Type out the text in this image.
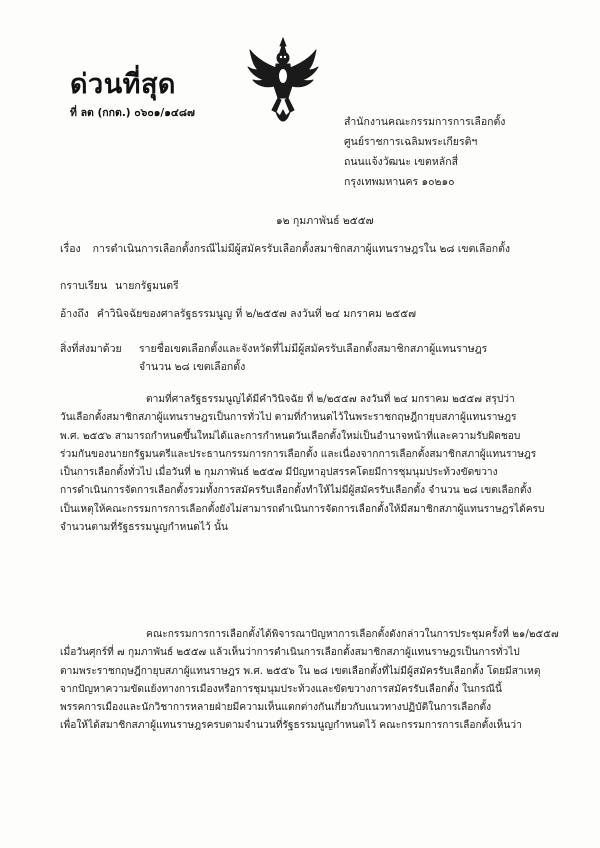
ด่วนที่สุด
ที่ ลต (กกต.) ๐๖๐๑/๑๔๘๗
สำนักงานคณะกรรมการการเลือกตั้ง
ศูนย์ราชการเฉลิมพระเกียรติฯ
ถนนแจ้งวัฒนะ เขตหลักสี่
กรุงเทพมหานคร ๑๐๒๑๐
๑๒ กุมภาพันธ์ ๒๕๕๗
เรื่อง การดำเนินการเลือกตั้งกรณีไม่มีผู้สมัครรับเลือกตั้งสมาชิกสภาผู้แทนราษฎรใน ๒๘ เขตเลือกตั้ง
กราบเรียน นายกรัฐมนตรี
อ้างถึง คำวินิจฉัยของศาลรัฐธรรมนูญ ที่ ๒/๒๕๕๗ ลงวันที่ ๒๔ มกราคม ๒๕๕๗
สิ่งที่ส่งมาด้วย รายชื่อเขตเลือกตั้งและจังหวัดที่ไม่มีผู้สมัครรับเลือกตั้งสมาชิกสภาผู้แทนราษฎร
จำนวน ๒๘ เขตเลือกตั้ง
ตามที่ศาลรัฐธรรมนูญได้มีคำวินิจฉัย ที่ ๒/๒๕๕๗ ลงวันที่ ๒๔ มกราคม ๒๕๕๗ สรุปว่า
วันเลือกตั้งสมาชิกสภาผู้แทนราษฎรเป็นการทั่วไป ตามที่กำหนดไว้ในพระราชกฤษฎีกายุบสภาผู้แทนราษฎร
พ.ศ. ๒๕๕๖ สามารถกำหนดขึ้นใหม่ได้และการกำหนดวันเลือกตั้งใหม่เป็นอำนาจหน้าที่และความรับผิดชอบ
ร่วมกันของนายกรัฐมนตรีและประธานกรรมการการเลือกตั้ง และเนื่องจากการเลือกตั้งสมาชิกสภาผู้แทนราษฎร
เป็นการเลือกตั้งทั่วไป เมื่อวันที่ ๒ กุมภาพันธ์ ๒๕๕๗ มีปัญหาอุปสรรคโดยมีการชุมนุมประท้วงขัดขวาง
การดำเนินการจัดการเลือกตั้งรวมทั้งการสมัครรับเลือกตั้งทำให้ไม่มีผู้สมัครรับเลือกตั้ง จำนวน ๒๘ เขตเลือกตั้ง
เป็นเหตุให้คณะกรรมการการเลือกตั้งยังไม่สามารถดำเนินการจัดการเลือกตั้งให้มีสมาชิกสภาผู้แทนราษฎรได้ครบ
จำนวนตามที่รัฐธรรมนูญกำหนดไว้ นั้น
คณะกรรมการการเลือกตั้งได้พิจารณาปัญหาการเลือกตั้งดังกล่าวในการประชุมครั้งที่ ๒๑/๒๕๕๗
เมื่อวันศุกร์ที่ ๗ กุมภาพันธ์ ๒๕๕๗ แล้วเห็นว่าการดำเนินการเลือกตั้งสมาชิกสภาผู้แทนราษฎรเป็นการทั่วไป
ตามพระราชกฤษฎีกายุบสภาผู้แทนราษฎร พ.ศ. ๒๕๕๖ ใน ๒๘ เขตเลือกตั้งที่ไม่มีผู้สมัครรับเลือกตั้ง โดยมีสาเหตุ
จากปัญหาความขัดแย้งทางการเมืองหรือการชุมนุมประท้วงและขัดขวางการสมัครรับเลือกตั้ง ในกรณีนี้
พรรคการเมืองและนักวิชาการหลายฝ่ายมีความเห็นแตกต่างกันเกี่ยวกับแนวทางปฏิบัติในการเลือกตั้ง
เพื่อให้ได้สมาชิกสภาผู้แทนราษฎรครบตามจำนวนที่รัฐธรรมนูญกำหนดไว้ คณะกรรมการการเลือกตั้งเห็นว่า
